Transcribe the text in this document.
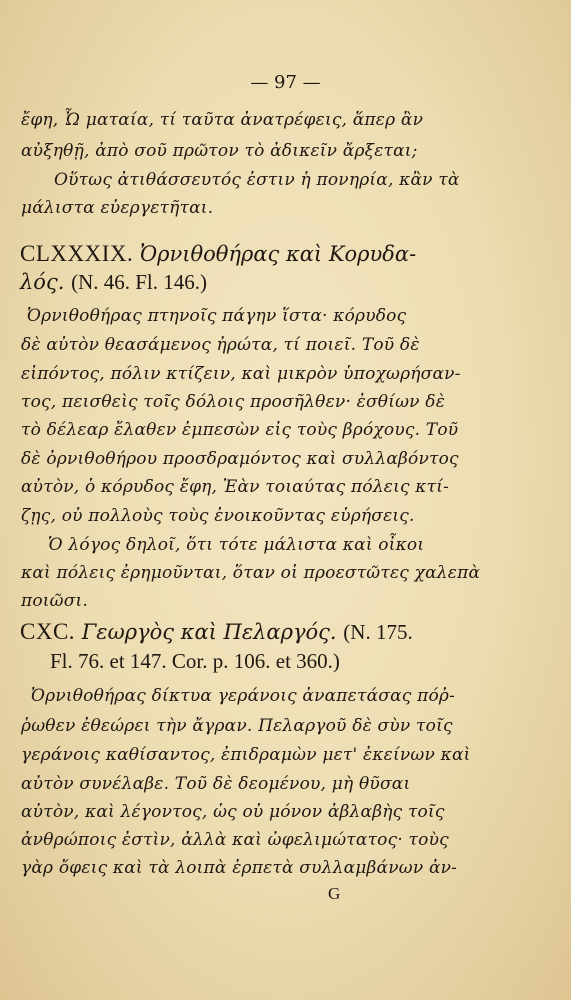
— 97 —
ἔφη, Ὦ ματαία, τί ταῦτα ἀνατρέφεις, ἅπερ ἂν
αὐξηθῇ, ἀπὸ σοῦ πρῶτον τὸ ἀδικεῖν ἄρξεται;
Οὕτως ἀτιθάσσευτός ἐστιν ἡ πονηρία, κἂν τὰ
μάλιστα εὐεργετῆται.
CLXXXIX. Ὀρνιθοθήρας καὶ Κορυδα-
λός. (N. 46. Fl. 146.)
Ὀρνιθοθήρας πτηνοῖς πάγην ἵστα· κόρυδος
δὲ αὐτὸν θεασάμενος ἠρώτα, τί ποιεῖ. Τοῦ δὲ
εἰπόντος, πόλιν κτίζειν, καὶ μικρὸν ὑποχωρήσαν-
τος, πεισθεὶς τοῖς δόλοις προσῆλθεν· ἐσθίων δὲ
τὸ δέλεαρ ἔλαθεν ἐμπεσὼν εἰς τοὺς βρόχους. Τοῦ
δὲ ὀρνιθοθήρου προσδραμόντος καὶ συλλαβόντος
αὐτὸν, ὁ κόρυδος ἔφη, Ἐὰν τοιαύτας πόλεις κτί-
ζῃς, οὐ πολλοὺς τοὺς ἐνοικοῦντας εὑρήσεις.
Ὁ λόγος δηλοῖ, ὅτι τότε μάλιστα καὶ οἶκοι
καὶ πόλεις ἐρημοῦνται, ὅταν οἱ προεστῶτες χαλεπὰ
ποιῶσι.
CXC. Γεωργὸς καὶ Πελαργός. (N. 175.
Fl. 76. et 147. Cor. p. 106. et 360.)
Ὀρνιθοθήρας δίκτυα γεράνοις ἀναπετάσας πόῤ-
ῥωθεν ἐθεώρει τὴν ἄγραν. Πελαργοῦ δὲ σὺν τοῖς
γεράνοις καθίσαντος, ἐπιδραμὼν μετ' ἐκείνων καὶ
αὐτὸν συνέλαβε. Τοῦ δὲ δεομένου, μὴ θῦσαι
αὐτὸν, καὶ λέγοντος, ὡς οὐ μόνον ἀβλαβὴς τοῖς
ἀνθρώποις ἐστὶν, ἀλλὰ καὶ ὠφελιμώτατος· τοὺς
γὰρ ὄφεις καὶ τὰ λοιπὰ ἑρπετὰ συλλαμβάνων ἀν-
G
